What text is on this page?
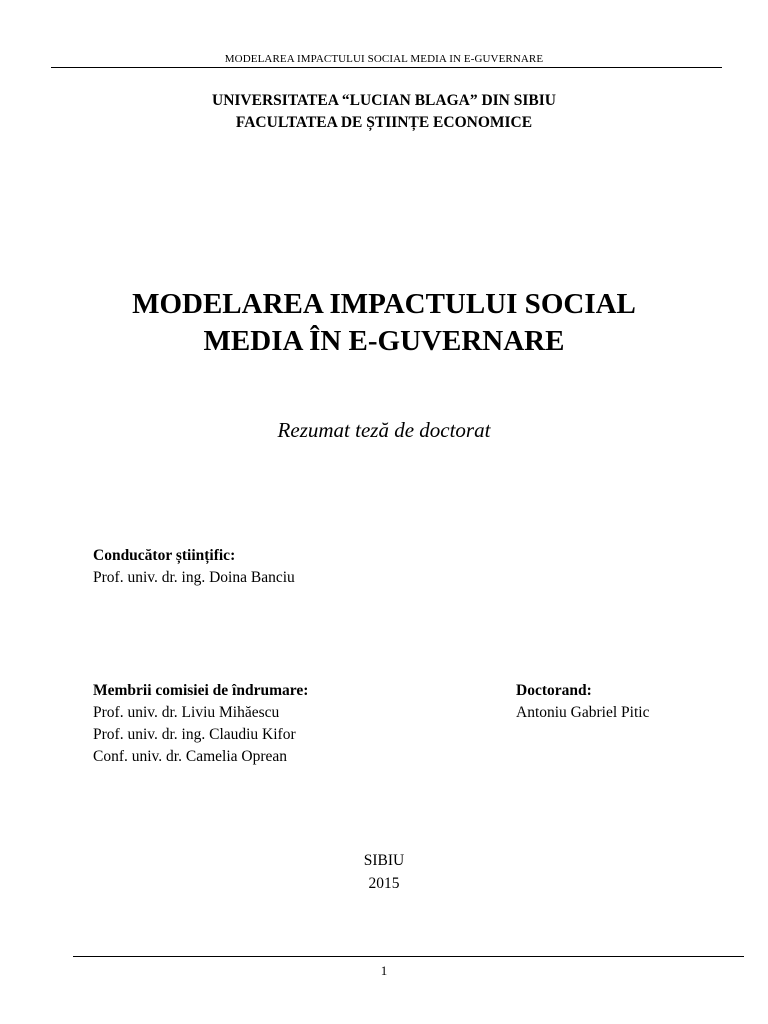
MODELAREA IMPACTULUI SOCIAL MEDIA IN E-GUVERNARE
UNIVERSITATEA “LUCIAN BLAGA” DIN SIBIU
FACULTATEA DE ȘTIINȚE ECONOMICE
MODELAREA IMPACTULUI SOCIAL
MEDIA ÎN E-GUVERNARE
Rezumat teză de doctorat
Conducător științific:
Prof. univ. dr. ing. Doina Banciu
Membrii comisiei de îndrumare:
Prof. univ. dr. Liviu Mihăescu
Prof. univ. dr. ing. Claudiu Kifor
Conf. univ. dr. Camelia Oprean
Doctorand:
Antoniu Gabriel Pitic
SIBIU
2015
1
